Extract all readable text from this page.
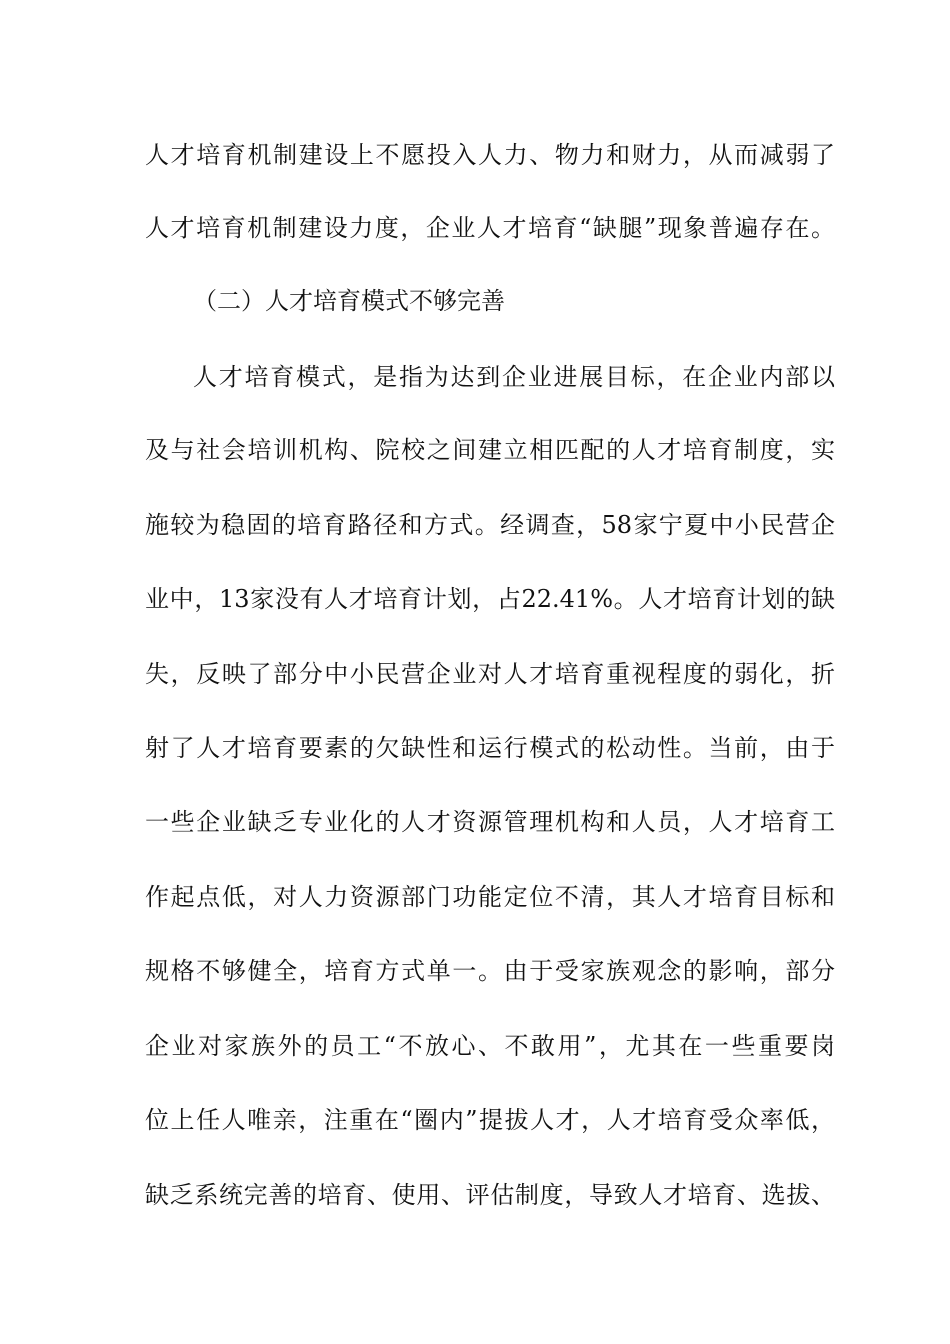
人才培育机制建设上不愿投入人力、物力和财力，从而减弱了
人才培育机制建设力度，企业人才培育“缺腿”现象普遍存在。
（二）人才培育模式不够完善
人才培育模式，是指为达到企业进展目标，在企业内部以
及与社会培训机构、院校之间建立相匹配的人才培育制度，实
施较为稳固的培育路径和方式。经调查，58家宁夏中小民营企
业中，13家没有人才培育计划，占22.41%。人才培育计划的缺
失，反映了部分中小民营企业对人才培育重视程度的弱化，折
射了人才培育要素的欠缺性和运行模式的松动性。当前，由于
一些企业缺乏专业化的人才资源管理机构和人员，人才培育工
作起点低，对人力资源部门功能定位不清，其人才培育目标和
规格不够健全，培育方式单一。由于受家族观念的影响，部分
企业对家族外的员工“不放心、不敢用”，尤其在一些重要岗
位上任人唯亲，注重在“圈内”提拔人才，人才培育受众率低，
缺乏系统完善的培育、使用、评估制度，导致人才培育、选拔、
